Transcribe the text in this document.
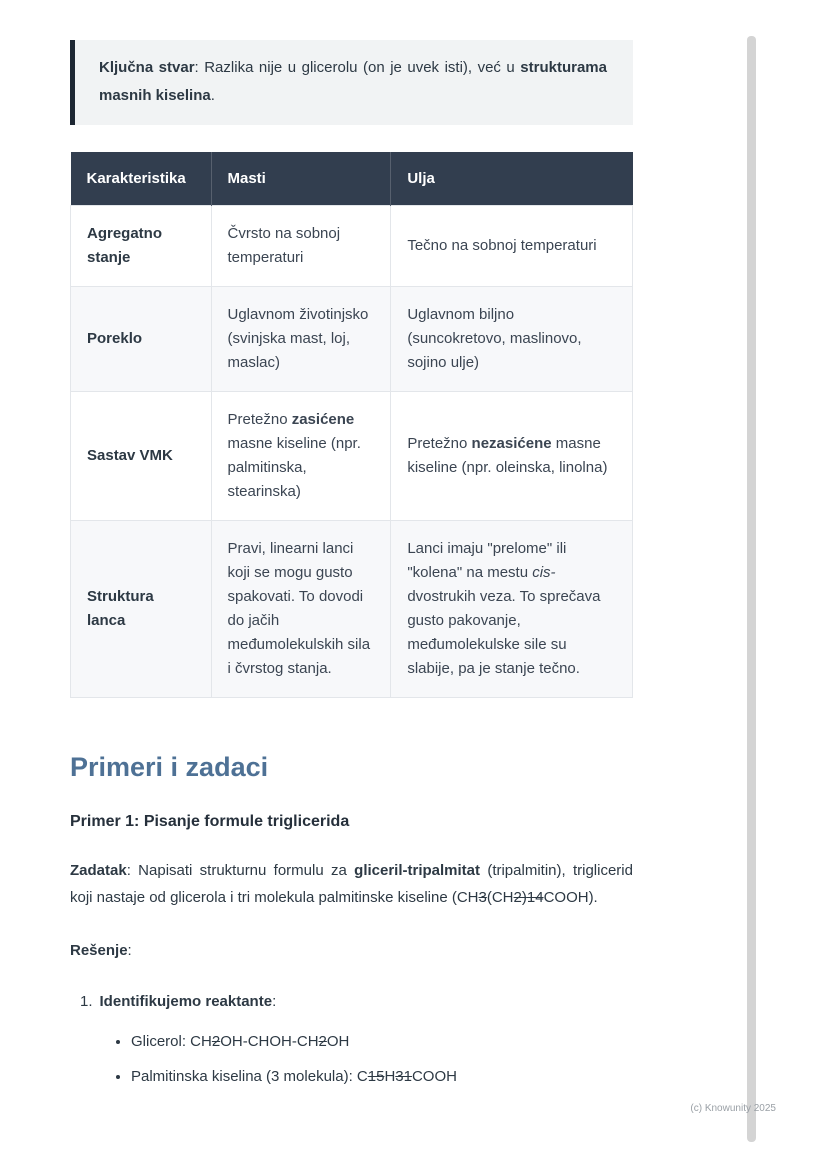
Ključna stvar: Razlika nije u glicerolu (on je uvek isti), već u strukturama masnih kiselina.

Karakteristika	Masti	Ulja
Agregatno stanje	Čvrsto na sobnoj temperaturi	Tečno na sobnoj temperaturi
Poreklo	Uglavnom životinjsko (svinjska mast, loj, maslac)	Uglavnom biljno (suncokretovo, maslinovo, sojino ulje)
Sastav VMK	Pretežno zasićene masne kiseline (npr. palmitinska, stearinska)	Pretežno nezasićene masne kiseline (npr. oleinska, linolna)
Struktura lanca	Pravi, linearni lanci koji se mogu gusto spakovati. To dovodi do jačih međumolekulskih sila i čvrstog stanja.	Lanci imaju "prelome" ili "kolena" na mestu cis-dvostrukih veza. To sprečava gusto pakovanje, međumolekulske sile su slabije, pa je stanje tečno.
Primeri i zadaci
Primer 1: Pisanje formule triglicerida

Zadatak: Napisati strukturnu formulu za gliceril-tripalmitat (tripalmitin), triglicerid koji nastaje od glicerola i tri molekula palmitinske kiseline (CH3(CH2)14COOH).

Rešenje:

1. Identifikujemo reaktante:
• Glicerol: CH2OH-CHOH-CH2OH
• Palmitinska kiselina (3 molekula): C15H31COOH
(c) Knowunity 2025
